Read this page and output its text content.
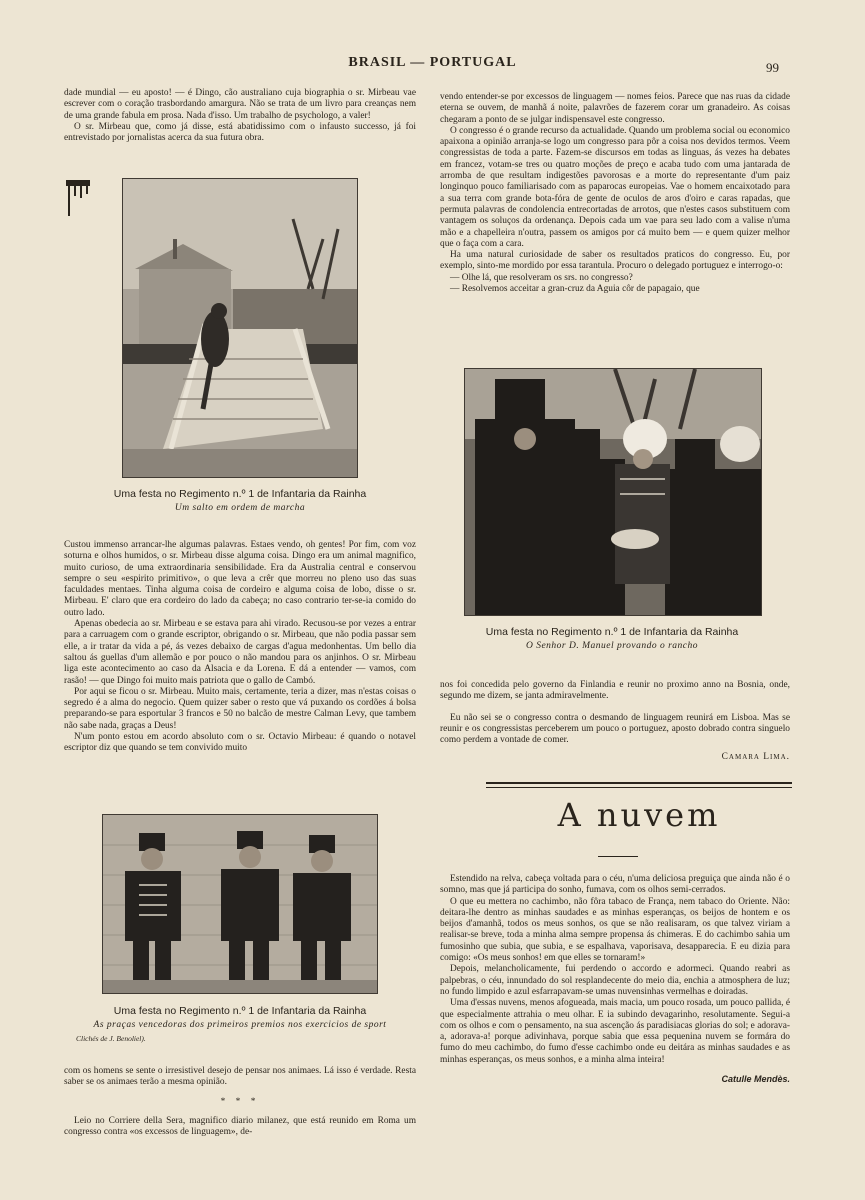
BRASIL — PORTUGAL	99

dade mundial — eu aposto! — é Dingo, cão australiano cuja biographia o sr. Mirbeau vae escrever com o coração trasbordando amargura. Não se trata de um livro para creanças nem de uma grande fabula em prosa. Nada d'isso. Um trabalho de psychologo, a valer!

O sr. Mirbeau que, como já disse, está abatidissimo com o infausto successo, já foi entrevistado por jornalistas acerca da sua futura obra.

Uma festa no Regimento n.º 1 de Infantaria da Rainha
Um salto em ordem de marcha

Custou immenso arrancar-lhe algumas palavras. Estaes vendo, oh gentes! Por fim, com voz soturna e olhos humidos, o sr. Mirbeau disse alguma coisa. Dingo era um animal magnifico, muito curioso, de uma extraordinaria sensibilidade. Era da Australia central e conservou sempre o seu «espirito primitivo», o que leva a crêr que morreu no pleno uso das suas faculdades mentaes. Tinha alguma coisa de cordeiro e alguma coisa de lobo, disse o sr. Mirbeau. E' claro que era cordeiro do lado da cabeça; no caso contrario ter-se-ia comido do outro lado.

Apenas obedecia ao sr. Mirbeau e se estava para ahi virado. Recusou-se por vezes a entrar para a carruagem com o grande escriptor, obrigando o sr. Mirbeau, que não podia passar sem elle, a ir tratar da vida a pé, ás vezes debaixo de cargas d'agua medonhentas. Um bello dia saltou ás guellas d'um allemão e por pouco o não mandou para os anjinhos. O sr. Mirbeau liga este acontecimento ao caso da Alsacia e da Lorena. E dá a entender — vamos, com rasão! — que Dingo foi muito mais patriota que o gallo de Cambó.

Por aqui se ficou o sr. Mirbeau. Muito mais, certamente, teria a dizer, mas n'estas coisas o segredo é a alma do negocio. Quem quizer saber o resto que vá puxando os cordões á bolsa preparando-se para esportular 3 francos e 50 no balcão de mestre Calman Levy, que tambem não sabe nada, graças a Deus!

N'um ponto estou em acordo absoluto com o sr. Octavio Mirbeau: é quando o notavel escriptor diz que quando se tem convivido muito

Uma festa no Regimento n.º 1 de Infantaria da Rainha
As praças vencedoras dos primeiros premios nos exercicios de sport
Clichés de J. Benoliel).

com os homens se sente o irresistivel desejo de pensar nos animaes. Lá isso é verdade. Resta saber se os animaes terão a mesma opinião.

* * *

Leio no Corriere della Sera, magnifico diario milanez, que está reunido em Roma um congresso contra «os excessos de linguagem», de-

vendo entender-se por excessos de linguagem — nomes feios. Parece que nas ruas da cidade eterna se ouvem, de manhã á noite, palavrões de fazerem corar um granadeiro. As coisas chegaram a ponto de se julgar indispensavel este congresso.

O congresso é o grande recurso da actualidade. Quando um problema social ou economico apaixona a opinião arranja-se logo um congresso para pôr a coisa nos devidos termos. Veem congressistas de toda a parte. Fazem-se discursos em todas as linguas, ás vezes ha debates em francez, votam-se tres ou quatro moções de preço e acaba tudo com uma jantarada de arromba de que resultam indigestões pavorosas e a morte do representante d'um paiz longinquo pouco familiarisado com as paparocas europeias. Vae o homem encaixotado para a sua terra com grande bota-fóra de gente de oculos de aros d'oiro e caras rapadas, que permuta palavras de condolencia entrecortadas de arrotos, que n'estes casos substituem com vantagem os soluços da ordenança. Depois cada um vae para seu lado com a valise n'uma mão e a chapelleira n'outra, passem os amigos por cá muito bem — e quem quizer melhor que o faça com a cara.

Ha uma natural curiosidade de saber os resultados praticos do congresso. Eu, por exemplo, sinto-me mordido por essa tarantula. Procuro o delegado portuguez e interrogo-o:

— Olhe lá, que resolveram os srs. no congresso?

— Resolvemos acceitar a gran-cruz da Aguia côr de papagaio, que

Uma festa no Regimento n.º 1 de Infantaria da Rainha
O Senhor D. Manuel provando o rancho

nos foi concedida pelo governo da Finlandia e reunir no proximo anno na Bosnia, onde, segundo me dizem, se janta admiravelmente.

Eu não sei se o congresso contra o desmando de linguagem reunirá em Lisboa. Mas se reunir e os congressistas perceberem um pouco o portuguez, aposto dobrado contra singuelo como perdem a vontade de comer.

Camara Lima.

A nuvem

Estendido na relva, cabeça voltada para o céu, n'uma deliciosa preguiça que ainda não é o somno, mas que já participa do sonho, fumava, com os olhos semi-cerrados.

O que eu mettera no cachimbo, não fôra tabaco de França, nem tabaco do Oriente. Não: deitara-lhe dentro as minhas saudades e as minhas esperanças, os beijos de hontem e os beijos d'amanhã, todos os meus sonhos, os que se não realisaram, os que talvez viriam a realisar-se breve, toda a minha alma sempre propensa ás chimeras. E do cachimbo sahia um fumosinho que subia, que subia, e se espalhava, vaporisava, desapparecia. E eu dizia para comigo: «Os meus sonhos! em que elles se tornaram!»

Depois, melancholicamente, fui perdendo o accordo e adormeci. Quando reabri as palpebras, o céu, innundado do sol resplandecente do meio dia, enchia a atmosphera de luz; no fundo limpido e azul esfarrapavam-se umas nuvensinhas vermelhas e doiradas.

Uma d'essas nuvens, menos afogueada, mais macia, um pouco rosada, um pouco pallida, é que especialmente attrahia o meu olhar. E ia subindo devagarinho, resolutamente. Segui-a com os olhos e com o pensamento, na sua ascenção ás paradisiacas glorias do sol; e adorava-a, adorava-a! porque adivinhava, porque sabia que essa pequenina nuvem se formára do fumo do meu cachimbo, do fumo d'esse cachimbo onde eu deitára as minhas saudades e as minhas esperanças, os meus sonhos, e a minha alma inteira!

Catulle Mendès.
